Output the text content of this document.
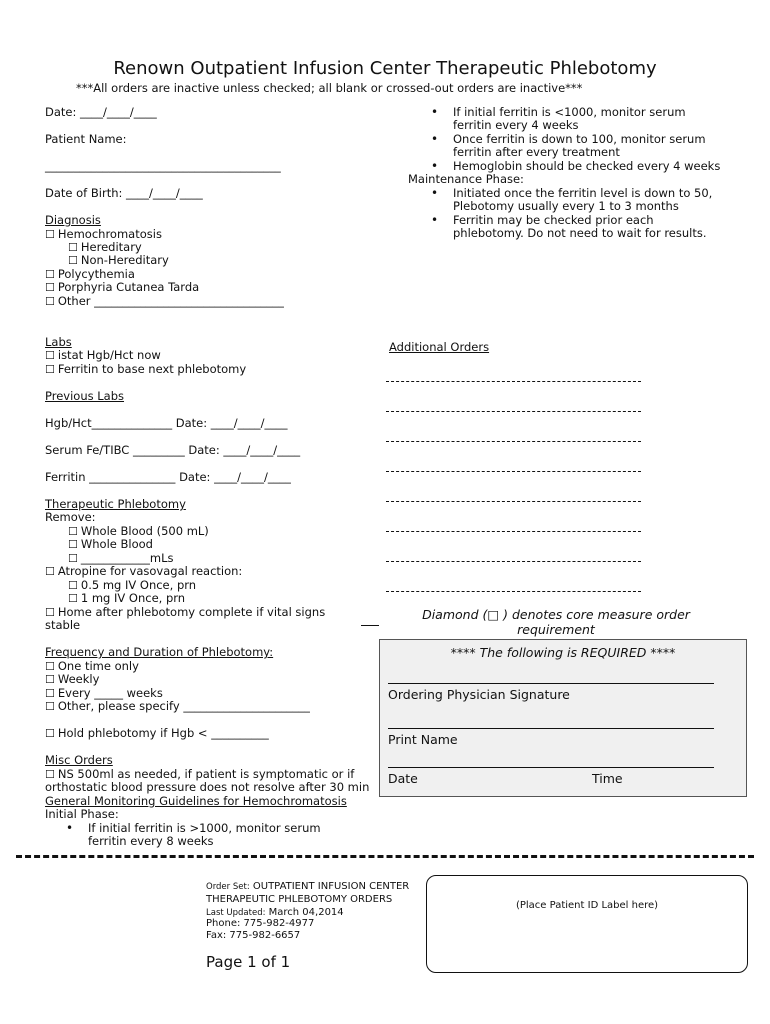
Renown Outpatient Infusion Center Therapeutic Phlebotomy
***All orders are inactive unless checked; all blank or crossed-out orders are inactive***
Date: ____/____/____
Patient Name:
_________________________________________
Date of Birth: ____/____/____
Diagnosis
☐ Hemochromatosis
☐ Hereditary
☐ Non-Hereditary
☐ Polycythemia
☐ Porphyria Cutanea Tarda
☐ Other _________________________________
Labs
☐ istat Hgb/Hct now
☐ Ferritin to base next phlebotomy
Previous Labs
Hgb/Hct______________ Date: ____/____/____
Serum Fe/TIBC _________ Date: ____/____/____
Ferritin _______________ Date: ____/____/____
Therapeutic Phlebotomy
Remove:
☐ Whole Blood (500 mL)
☐ Whole Blood
☐ ____________mLs
☐ Atropine for vasovagal reaction:
☐ 0.5 mg IV Once, prn
☐ 1 mg IV Once, prn
☐ Home after phlebotomy complete if vital signs
stable
Frequency and Duration of Phlebotomy:
☐ One time only
☐ Weekly
☐ Every _____ weeks
☐ Other, please specify ______________________
☐ Hold phlebotomy if Hgb < __________
Misc Orders
☐ NS 500ml as needed, if patient is symptomatic or if
orthostatic blood pressure does not resolve after 30 min
General Monitoring Guidelines for Hemochromatosis
Initial Phase:
• If initial ferritin is >1000, monitor serum ferritin every 8 weeks
• If initial ferritin is <1000, monitor serum ferritin every 4 weeks
• Once ferritin is down to 100, monitor serum ferritin after every treatment
• Hemoglobin should be checked every 4 weeks
Maintenance Phase:
• Initiated once the ferritin level is down to 50, Plebotomy usually every 1 to 3 months
• Ferritin may be checked prior each phlebotomy. Do not need to wait for results.
Additional Orders
Diamond (□ ) denotes core measure order
requirement
**** The following is REQUIRED ****
Ordering Physician Signature
Print Name
Date	Time
Order Set: OUTPATIENT INFUSION CENTER
THERAPEUTIC PHLEBOTOMY ORDERS
Last Updated: March 04,2014
Phone: 775-982-4977
Fax: 775-982-6657
Page 1 of 1
(Place Patient ID Label here)
